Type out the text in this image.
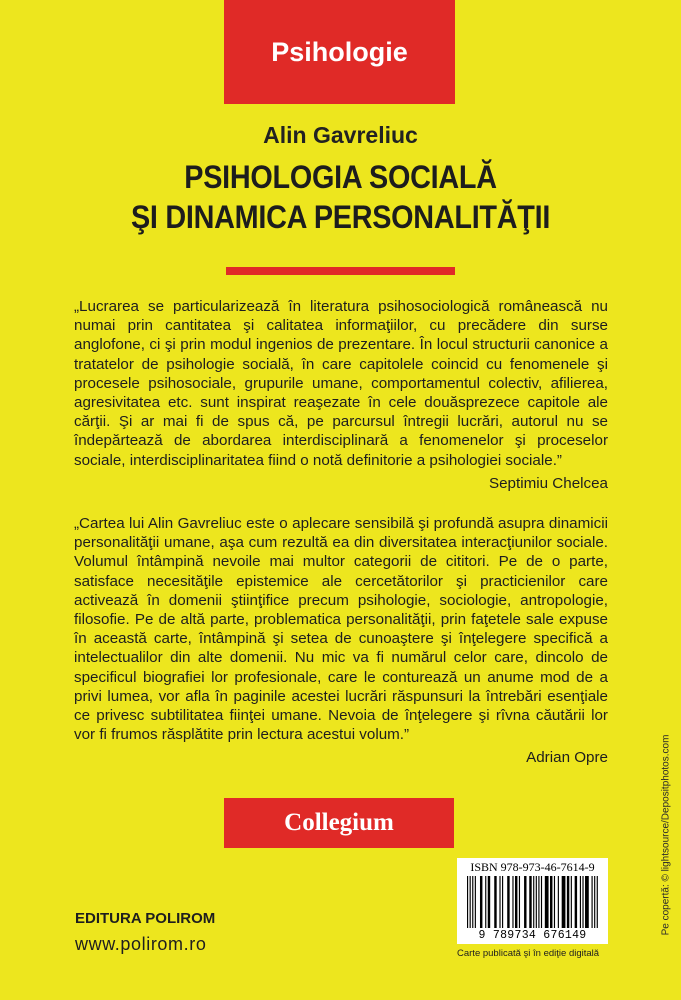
Psihologie
Alin Gavreliuc
PSIHOLOGIA SOCIALĂ
ŞI DINAMICA PERSONALITĂŢII

„Lucrarea se particularizează în literatura psihosociologică românească nu numai prin cantitatea şi calitatea informaţiilor, cu precădere din surse anglofone, ci şi prin modul ingenios de prezentare. În locul structurii canonice a tratatelor de psihologie socială, în care capitolele coincid cu fenomenele şi procesele psihosociale, grupurile umane, comportamentul colectiv, afilierea, agresivitatea etc. sunt inspirat reaşezate în cele douăsprezece capitole ale cărţii. Şi ar mai fi de spus că, pe parcursul întregii lucrări, autorul nu se îndepărtează de abordarea interdisciplinară a fenomenelor şi proceselor sociale, interdisciplinaritatea fiind o notă definitorie a psihologiei sociale.”

Septimiu Chelcea

„Cartea lui Alin Gavreliuc este o aplecare sensibilă şi profundă asupra dinamicii personalităţii umane, aşa cum rezultă ea din diversitatea interacţiunilor sociale. Volumul întâmpină nevoile mai multor categorii de cititori. Pe de o parte, satisface necesităţile epistemice ale cercetătorilor şi practicienilor care activează în domenii ştiinţifice precum psihologie, sociologie, antropologie, filosofie. Pe de altă parte, problematica personalităţii, prin faţetele sale expuse în această carte, întâmpină şi setea de cunoaştere şi înţelegere specifică a intelectualilor din alte domenii. Nu mic va fi numărul celor care, dincolo de specificul biografiei lor profesionale, care le conturează un anume mod de a privi lumea, vor afla în paginile acestei lucrări răspunsuri la întrebări esenţiale ce privesc subtilitatea fiinţei umane. Nevoia de înţelegere şi rîvna căutării lor vor fi frumos răsplătite prin lectura acestui volum.”

Adrian Opre
Collegium
EDITURA POLIROM
www.polirom.ro
ISBN 978-973-46-7614-9
9 789734 676149
Carte publicată şi în ediţie digitală
Pe copertă: © lightsource/Depositphotos.com
